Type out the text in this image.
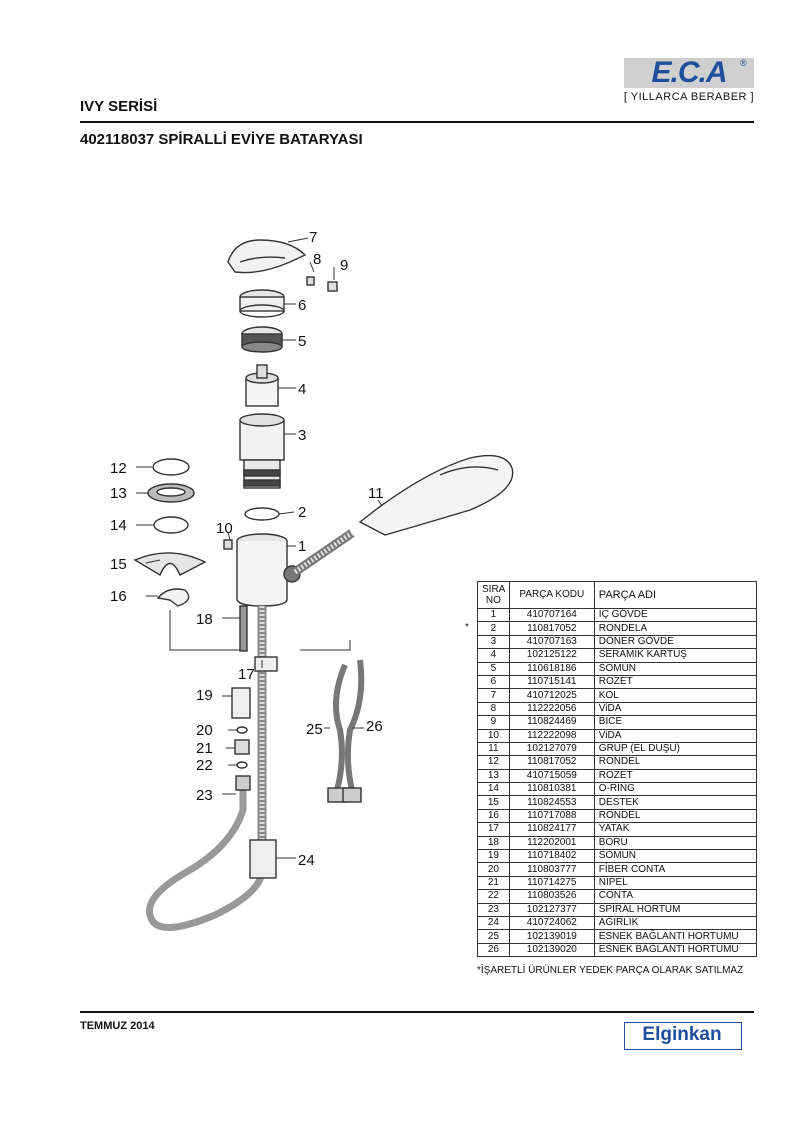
E.C.A	®
[ YILLARCA BERABER ]
IVY SERİSİ
402118037 SPİRALLİ EVİYE BATARYASI
7
8 9
6
5
4
3
12
13
14	10
15
16
2
1
11
18
17
19
20
21
22
23
25	26
24
*
SIRA NO	PARÇA KODU	PARÇA ADI
1	410707164	İÇ GÖVDE
2	110817052	RONDELA
3	410707163	DÖNER GÖVDE
4	102125122	SERAMİK KARTUŞ
5	110618186	SOMUN
6	110715141	ROZET
7	410712025	KOL
8	112222056	ViDA
9	110824469	BİCE
10	112222098	ViDA
11	102127079	GRUP (EL DUŞU)
12	110817052	RONDEL
13	410715059	ROZET
14	110810381	O-RİNG
15	110824553	DESTEK
16	110717088	RONDEL
17	110824177	YATAK
18	112202001	BORU
19	110718402	SOMUN
20	110803777	FİBER CONTA
21	110714275	NİPEL
22	110803526	CONTA
23	102127377	SPİRAL HORTUM
24	410724062	AĞIRLIK
25	102139019	ESNEK BAĞLANTI HORTUMU
26	102139020	ESNEK BAĞLANTI HORTUMU
*İŞARETLİ ÜRÜNLER YEDEK PARÇA OLARAK SATILMAZ
TEMMUZ 2014	Elginkan
